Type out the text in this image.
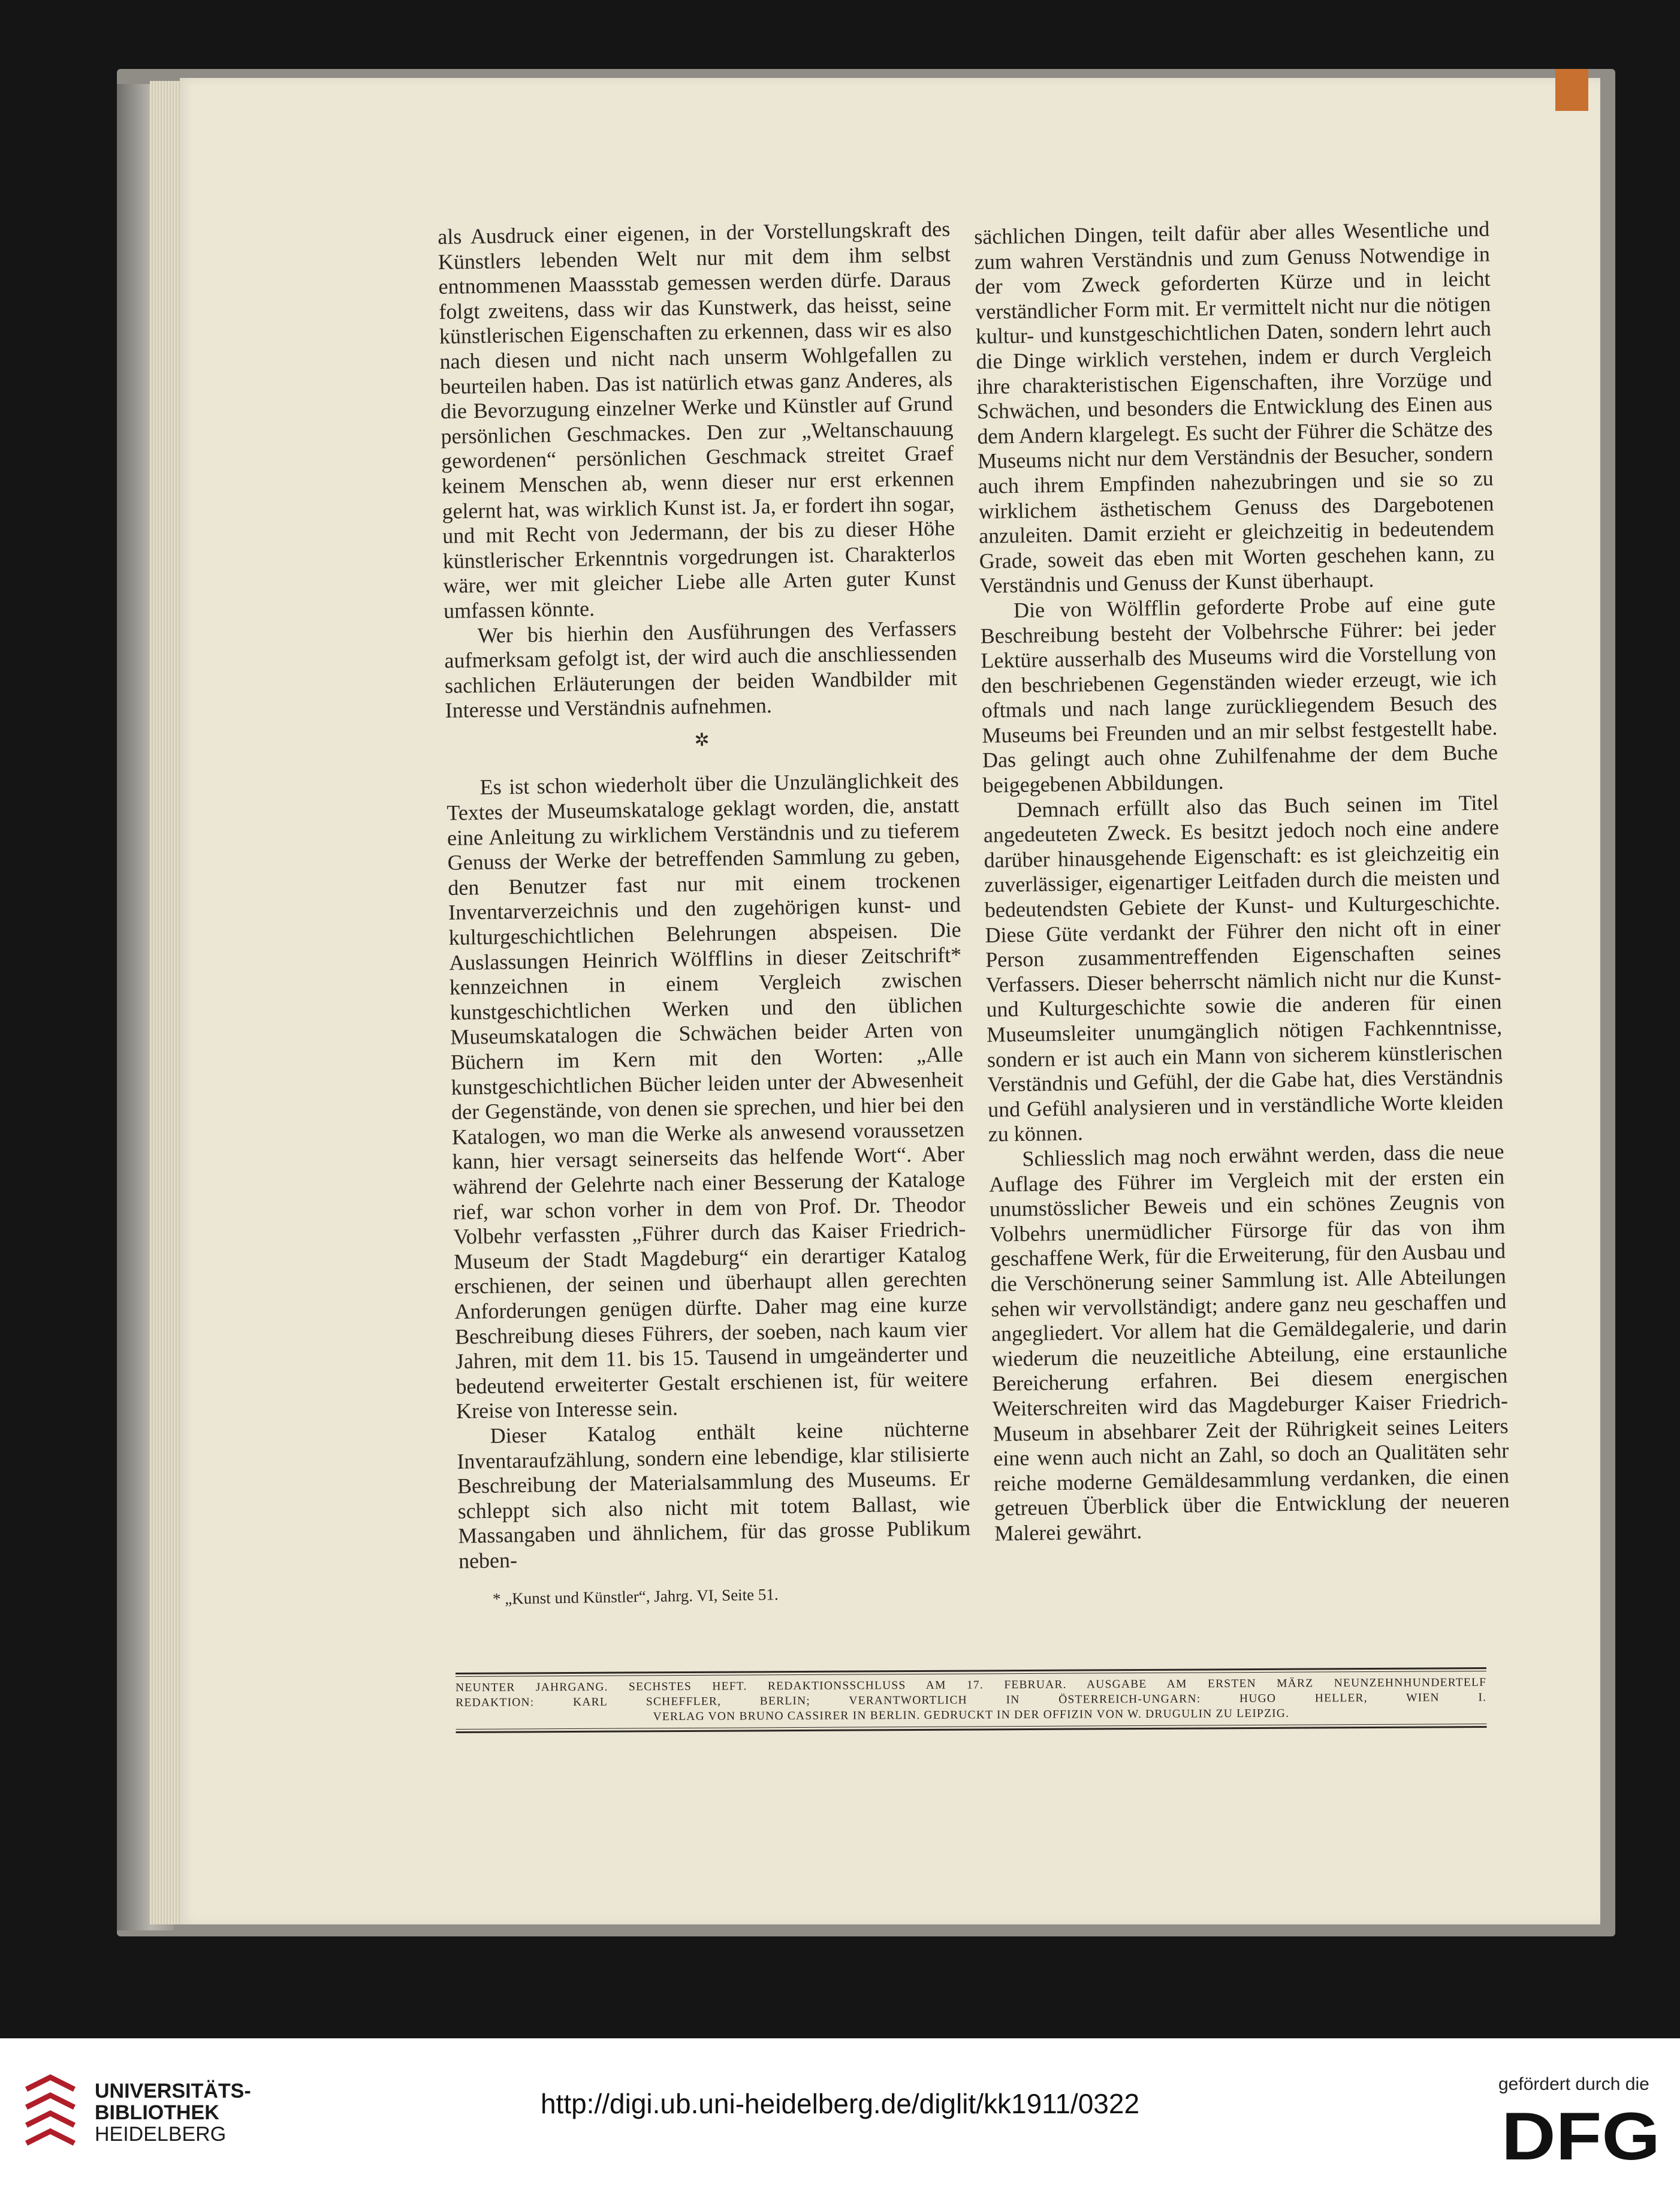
als Ausdruck einer eigenen, in der Vorstellungskraft des Künstlers lebenden Welt nur mit dem ihm selbst entnommenen Maassstab gemessen werden dürfe. Daraus folgt zweitens, dass wir das Kunstwerk, das heisst, seine künstlerischen Eigenschaften zu erkennen, dass wir es also nach diesen und nicht nach unserm Wohlgefallen zu beurteilen haben. Das ist natürlich etwas ganz Anderes, als die Bevorzugung einzelner Werke und Künstler auf Grund persönlichen Geschmackes. Den zur „Weltanschauung gewordenen“ persönlichen Geschmack streitet Graef keinem Menschen ab, wenn dieser nur erst erkennen gelernt hat, was wirklich Kunst ist. Ja, er fordert ihn sogar, und mit Recht von Jedermann, der bis zu dieser Höhe künstlerischer Erkenntnis vorgedrungen ist. Charakterlos wäre, wer mit gleicher Liebe alle Arten guter Kunst umfassen könnte.

Wer bis hierhin den Ausführungen des Verfassers aufmerksam gefolgt ist, der wird auch die anschliessenden sachlichen Erläuterungen der beiden Wandbilder mit Interesse und Verständnis aufnehmen.

✲

Es ist schon wiederholt über die Unzulänglichkeit des Textes der Museumskataloge geklagt worden, die, anstatt eine Anleitung zu wirklichem Verständnis und zu tieferem Genuss der Werke der betreffenden Sammlung zu geben, den Benutzer fast nur mit einem trockenen Inventarverzeichnis und den zugehörigen kunst- und kulturgeschichtlichen Belehrungen abspeisen. Die Auslassungen Heinrich Wölfflins in dieser Zeitschrift* kennzeichnen in einem Vergleich zwischen kunstgeschichtlichen Werken und den üblichen Museumskatalogen die Schwächen beider Arten von Büchern im Kern mit den Worten: „Alle kunstgeschichtlichen Bücher leiden unter der Abwesenheit der Gegenstände, von denen sie sprechen, und hier bei den Katalogen, wo man die Werke als anwesend voraussetzen kann, hier versagt seinerseits das helfende Wort“. Aber während der Gelehrte nach einer Besserung der Kataloge rief, war schon vorher in dem von Prof. Dr. Theodor Volbehr verfassten „Führer durch das Kaiser Friedrich-Museum der Stadt Magdeburg“ ein derartiger Katalog erschienen, der seinen und überhaupt allen gerechten Anforderungen genügen dürfte. Daher mag eine kurze Beschreibung dieses Führers, der soeben, nach kaum vier Jahren, mit dem 11. bis 15. Tausend in umgeänderter und bedeutend erweiterter Gestalt erschienen ist, für weitere Kreise von Interesse sein.

Dieser Katalog enthält keine nüchterne Inventaraufzählung, sondern eine lebendige, klar stilisierte Beschreibung der Materialsammlung des Museums. Er schleppt sich also nicht mit totem Ballast, wie Massangaben und ähnlichem, für das grosse Publikum neben-

* „Kunst und Künstler“, Jahrg. VI, Seite 51.

sächlichen Dingen, teilt dafür aber alles Wesentliche und zum wahren Verständnis und zum Genuss Notwendige in der vom Zweck geforderten Kürze und in leicht verständlicher Form mit. Er vermittelt nicht nur die nötigen kultur- und kunstgeschichtlichen Daten, sondern lehrt auch die Dinge wirklich verstehen, indem er durch Vergleich ihre charakteristischen Eigenschaften, ihre Vorzüge und Schwächen, und besonders die Entwicklung des Einen aus dem Andern klargelegt. Es sucht der Führer die Schätze des Museums nicht nur dem Verständnis der Besucher, sondern auch ihrem Empfinden nahezubringen und sie so zu wirklichem ästhetischem Genuss des Dargebotenen anzuleiten. Damit erzieht er gleichzeitig in bedeutendem Grade, soweit das eben mit Worten geschehen kann, zu Verständnis und Genuss der Kunst überhaupt.

Die von Wölfflin geforderte Probe auf eine gute Beschreibung besteht der Volbehrsche Führer: bei jeder Lektüre ausserhalb des Museums wird die Vorstellung von den beschriebenen Gegenständen wieder erzeugt, wie ich oftmals und nach lange zurückliegendem Besuch des Museums bei Freunden und an mir selbst festgestellt habe. Das gelingt auch ohne Zuhilfenahme der dem Buche beigegebenen Abbildungen.

Demnach erfüllt also das Buch seinen im Titel angedeuteten Zweck. Es besitzt jedoch noch eine andere darüber hinausgehende Eigenschaft: es ist gleichzeitig ein zuverlässiger, eigenartiger Leitfaden durch die meisten und bedeutendsten Gebiete der Kunst- und Kulturgeschichte. Diese Güte verdankt der Führer den nicht oft in einer Person zusammentreffenden Eigenschaften seines Verfassers. Dieser beherrscht nämlich nicht nur die Kunst- und Kulturgeschichte sowie die anderen für einen Museumsleiter unumgänglich nötigen Fachkenntnisse, sondern er ist auch ein Mann von sicherem künstlerischen Verständnis und Gefühl, der die Gabe hat, dies Verständnis und Gefühl analysieren und in verständliche Worte kleiden zu können.

Schliesslich mag noch erwähnt werden, dass die neue Auflage des Führer im Vergleich mit der ersten ein unumstösslicher Beweis und ein schönes Zeugnis von Volbehrs unermüdlicher Fürsorge für das von ihm geschaffene Werk, für die Erweiterung, für den Ausbau und die Verschönerung seiner Sammlung ist. Alle Abteilungen sehen wir vervollständigt; andere ganz neu geschaffen und angegliedert. Vor allem hat die Gemäldegalerie, und darin wiederum die neuzeitliche Abteilung, eine erstaunliche Bereicherung erfahren. Bei diesem energischen Weiterschreiten wird das Magdeburger Kaiser Friedrich-Museum in absehbarer Zeit der Rührigkeit seines Leiters eine wenn auch nicht an Zahl, so doch an Qualitäten sehr reiche moderne Gemäldesammlung verdanken, die einen getreuen Überblick über die Entwicklung der neueren Malerei gewährt.

NEUNTER JAHRGANG. SECHSTES HEFT. REDAKTIONSSCHLUSS AM 17. FEBRUAR. AUSGABE AM ERSTEN MÄRZ NEUNZEHNHUNDERTELF
REDAKTION: KARL SCHEFFLER, BERLIN; VERANTWORTLICH IN ÖSTERREICH-UNGARN: HUGO HELLER, WIEN I.
VERLAG VON BRUNO CASSIRER IN BERLIN. GEDRUCKT IN DER OFFIZIN VON W. DRUGULIN ZU LEIPZIG.
UNIVERSITÄTS-
BIBLIOTHEK
HEIDELBERG
http://digi.ub.uni-heidelberg.de/diglit/kk1911/0322
gefördert durch die
DFG
